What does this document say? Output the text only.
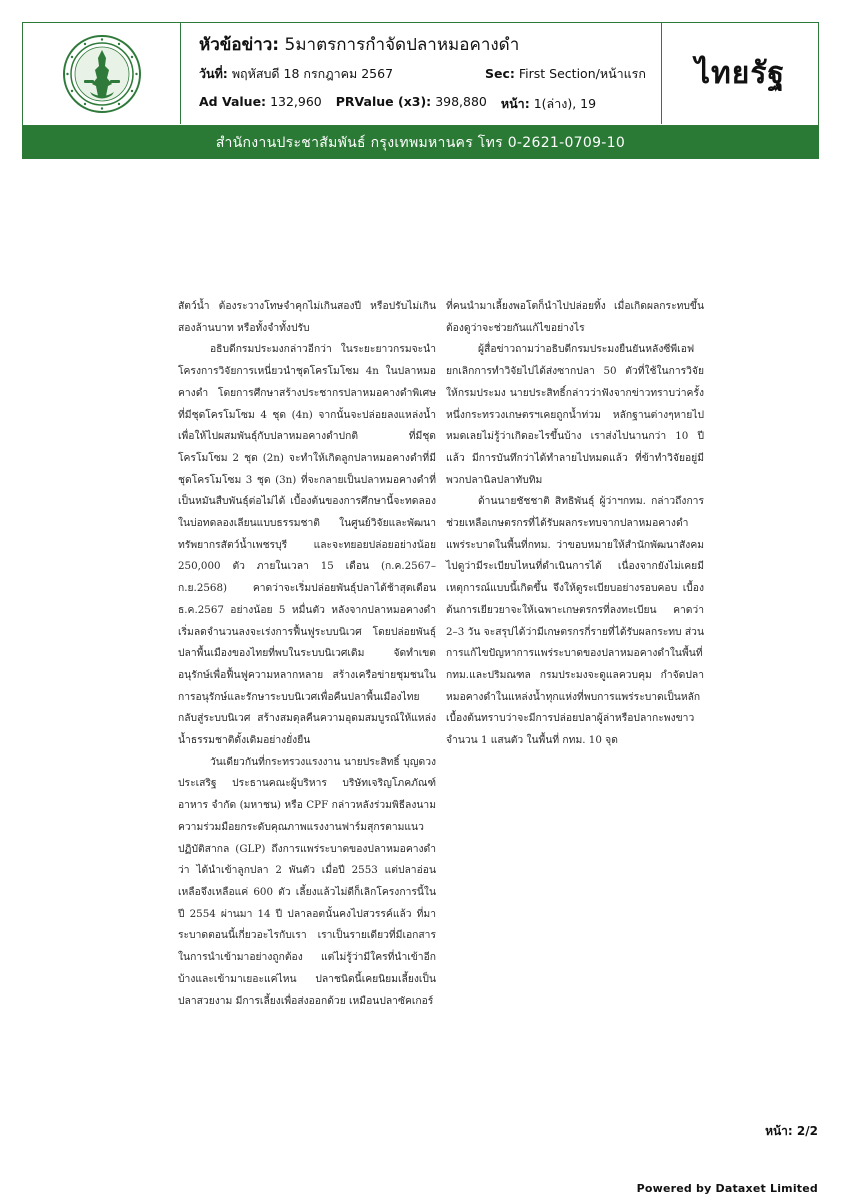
หัวข้อข่าว: 5มาตรการกำจัดปลาหมอคางดำ
วันที่: พฤหัสบดี 18 กรกฎาคม 2567	Sec: First Section/หน้าแรก
Ad Value: 132,960 PRValue (x3): 398,880 หน้า: 1(ล่าง), 19
ไทยรัฐ
สำนักงานประชาสัมพันธ์ กรุงเทพมหานคร โทร 0-2621-0709-10

สัตว์น้ำ ต้องระวางโทษจำคุกไม่เกินสองปี หรือปรับไม่เกินสองล้านบาท หรือทั้งจำทั้งปรับ

อธิบดีกรมประมงกล่าวอีกว่า ในระยะยาวกรมจะนำโครงการวิจัยการเหนี่ยวนำชุดโครโมโซม 4n ในปลาหมอคางดำ โดยการศึกษาสร้างประชากรปลาหมอคางดำพิเศษที่มีชุดโครโมโซม 4 ชุด (4n) จากนั้นจะปล่อยลงแหล่งน้ำเพื่อให้ไปผสมพันธุ์กับปลาหมอคางดำปกติ ที่มีชุดโครโมโซม 2 ชุด (2n) จะทำให้เกิดลูกปลาหมอคางดำที่มีชุดโครโมโซม 3 ชุด (3n) ที่จะกลายเป็นปลาหมอคางดำที่เป็นหมันสืบพันธุ์ต่อไม่ได้ เบื้องต้นของการศึกษานี้จะทดลองในบ่อทดลองเลียนแบบธรรมชาติ ในศูนย์วิจัยและพัฒนาทรัพยากรสัตว์น้ำเพชรบุรี และจะทยอยปล่อยอย่างน้อย 250,000 ตัว ภายในเวลา 15 เดือน (ก.ค.2567–ก.ย.2568) คาดว่าจะเริ่มปล่อยพันธุ์ปลาได้ช้าสุดเดือน ธ.ค.2567 อย่างน้อย 5 หมื่นตัว หลังจากปลาหมอคางดำเริ่มลดจำนวนลงจะเร่งการฟื้นฟูระบบนิเวศ โดยปล่อยพันธุ์ปลาพื้นเมืองของไทยที่พบในระบบนิเวศเดิม จัดทำเขตอนุรักษ์เพื่อฟื้นฟูความหลากหลาย สร้างเครือข่ายชุมชนในการอนุรักษ์และรักษาระบบนิเวศเพื่อคืนปลาพื้นเมืองไทยกลับสู่ระบบนิเวศ สร้างสมดุลคืนความอุดมสมบูรณ์ให้แหล่งน้ำธรรมชาติดั้งเดิมอย่างยั่งยืน

วันเดียวกันที่กระทรวงแรงงาน นายประสิทธิ์ บุญดวงประเสริฐ ประธานคณะผู้บริหาร บริษัทเจริญโภคภัณฑ์อาหาร จำกัด (มหาชน) หรือ CPF กล่าวหลังร่วมพิธีลงนามความร่วมมือยกระดับคุณภาพแรงงานฟาร์มสุกรตามแนวปฏิบัติสากล (GLP) ถึงการแพร่ระบาดของปลาหมอคางดำว่า ได้นำเข้าลูกปลา 2 พันตัว เมื่อปี 2553 แต่ปลาอ่อนเหลือจึงเหลือแค่ 600 ตัว เลี้ยงแล้วไม่ดีก็เลิกโครงการนี้ในปี 2554 ผ่านมา 14 ปี ปลาลอตนั้นคงไปสวรรค์แล้ว ที่มาระบาดตอนนี้เกี่ยวอะไรกับเรา เราเป็นรายเดียวที่มีเอกสารในการนำเข้ามาอย่างถูกต้อง แต่ไม่รู้ว่ามีใครที่นำเข้าอีกบ้างและเข้ามาเยอะแค่ไหน ปลาชนิดนี้เคยนิยมเลี้ยงเป็นปลาสวยงาม มีการเลี้ยงเพื่อส่งออกด้วย เหมือนปลาซัคเกอร์

ที่คนนำมาเลี้ยงพอโตก็นำไปปล่อยทิ้ง เมื่อเกิดผลกระทบขึ้นต้องดูว่าจะช่วยกันแก้ไขอย่างไร

ผู้สื่อข่าวถามว่าอธิบดีกรมประมงยืนยันหลังซีพีเอฟยกเลิกการทำวิจัยไปได้ส่งซากปลา 50 ตัวที่ใช้ในการวิจัยให้กรมประมง นายประสิทธิ์กล่าวว่าฟังจากข่าวทราบว่าครั้งหนึ่งกระทรวงเกษตรฯเคยถูกน้ำท่วม หลักฐานต่างๆหายไปหมดเลยไม่รู้ว่าเกิดอะไรขึ้นบ้าง เราส่งไปนานกว่า 10 ปีแล้ว มีการบันทึกว่าได้ทำลายไปหมดแล้ว ที่ข้าทำวิจัยอยู่มีพวกปลานิลปลาทับทิม

ด้านนายชัชชาติ สิทธิพันธุ์ ผู้ว่าฯกทม. กล่าวถึงการช่วยเหลือเกษตรกรที่ได้รับผลกระทบจากปลาหมอคางดำแพร่ระบาดในพื้นที่กทม. ว่าขอบหมายให้สำนักพัฒนาสังคมไปดูว่ามีระเบียบไหนที่ดำเนินการได้ เนื่องจากยังไม่เคยมีเหตุการณ์แบบนี้เกิดขึ้น จึงให้ดูระเบียบอย่างรอบคอบ เบื้องต้นการเยียวยาจะให้เฉพาะเกษตรกรที่ลงทะเบียน คาดว่า 2–3 วัน จะสรุปได้ว่ามีเกษตรกรกี่รายที่ได้รับผลกระทบ ส่วนการแก้ไขปัญหาการแพร่ระบาดของปลาหมอคางดำในพื้นที่ กทม.และปริมณฑล กรมประมงจะดูแลควบคุม กำจัดปลาหมอคางดำในแหล่งน้ำทุกแห่งที่พบการแพร่ระบาดเป็นหลัก เบื้องต้นทราบว่าจะมีการปล่อยปลาผู้ล่าหรือปลากะพงขาว จำนวน 1 แสนตัว ในพื้นที่ กทม. 10 จุด

หน้า: 2/2
Powered by Dataxet Limited
